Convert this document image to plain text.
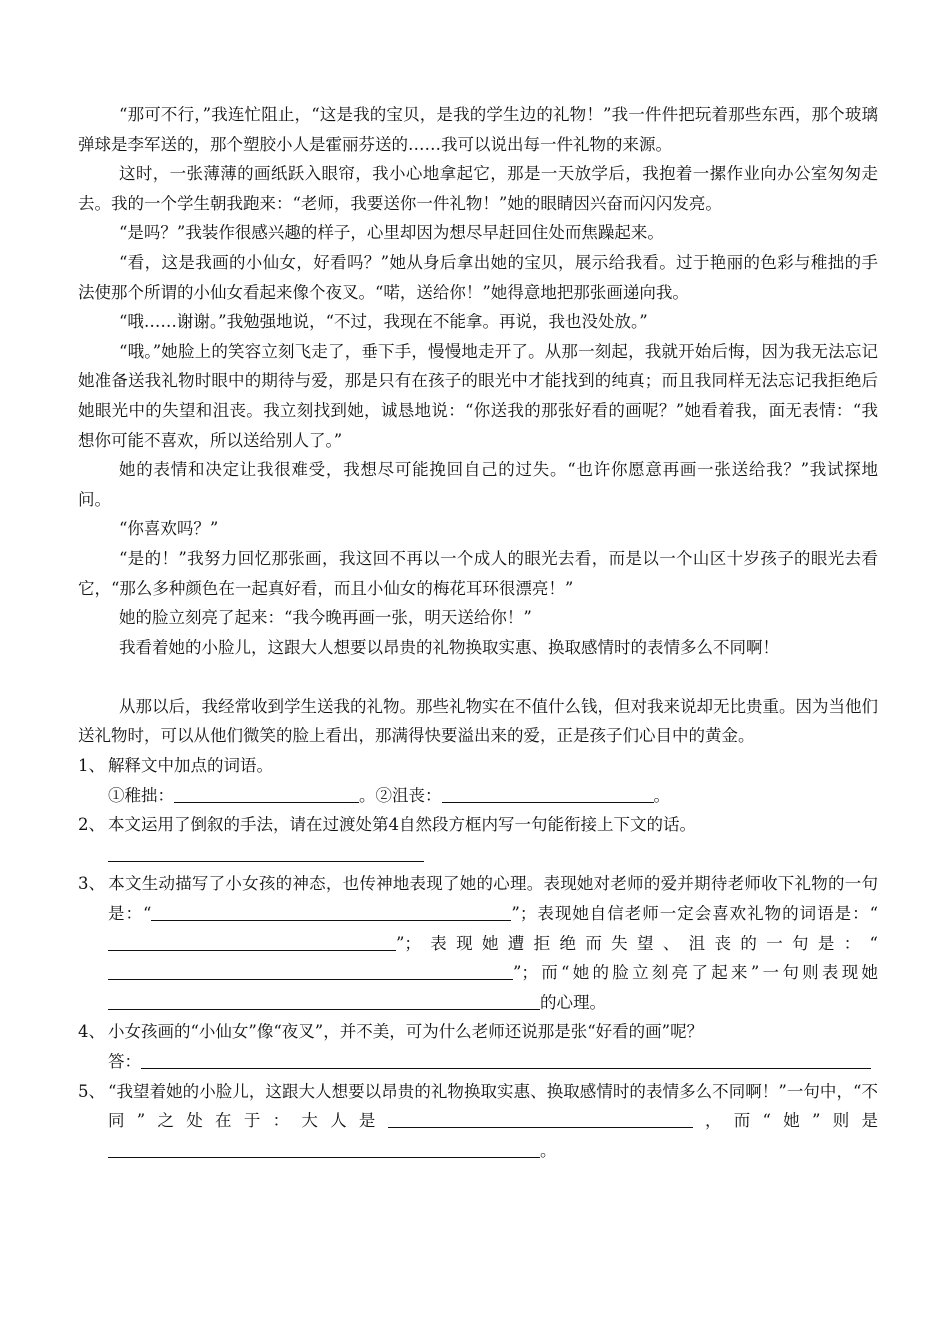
“那可不行，”我连忙阻止，“这是我的宝贝，是我的学生边的礼物！”我一件件把玩着那些东西，那个玻璃弹球是李军送的，那个塑胶小人是霍丽芬送的……我可以说出每一件礼物的来源。

这时，一张薄薄的画纸跃入眼帘，我小心地拿起它，那是一天放学后，我抱着一摞作业向办公室匆匆走去。我的一个学生朝我跑来：“老师，我要送你一件礼物！”她的眼睛因兴奋而闪闪发亮。

“是吗？”我装作很感兴趣的样子，心里却因为想尽早赶回住处而焦躁起来。

“看，这是我画的小仙女，好看吗？”她从身后拿出她的宝贝，展示给我看。过于艳丽的色彩与稚拙的手法使那个所谓的小仙女看起来像个夜叉。“喏，送给你！”她得意地把那张画递向我。

“哦……谢谢。”我勉强地说，“不过，我现在不能拿。再说，我也没处放。”

“哦。”她脸上的笑容立刻飞走了，垂下手，慢慢地走开了。从那一刻起，我就开始后悔，因为我无法忘记她准备送我礼物时眼中的期待与爱，那是只有在孩子的眼光中才能找到的纯真；而且我同样无法忘记我拒绝后她眼光中的失望和沮丧。我立刻找到她，诚恳地说：“你送我的那张好看的画呢？”她看着我，面无表情：“我想你可能不喜欢，所以送给别人了。”

她的表情和决定让我很难受，我想尽可能挽回自己的过失。“也许你愿意再画一张送给我？”我试探地问。

“你喜欢吗？”

“是的！”我努力回忆那张画，我这回不再以一个成人的眼光去看，而是以一个山区十岁孩子的眼光去看它，“那么多种颜色在一起真好看，而且小仙女的梅花耳环很漂亮！”

她的脸立刻亮了起来：“我今晚再画一张，明天送给你！”

我看着她的小脸儿，这跟大人想要以昂贵的礼物换取实惠、换取感情时的表情多么不同啊！

从那以后，我经常收到学生送我的礼物。那些礼物实在不值什么钱，但对我来说却无比贵重。因为当他们送礼物时，可以从他们微笑的脸上看出，那满得快要溢出来的爱，正是孩子们心目中的黄金。

1、 解释文中加点的词语。

①稚拙：	。②沮丧：	。

2、 本文运用了倒叙的手法，请在过渡处第4自然段方框内写一句能衔接上下文的话。

3、 本文生动描写了小女孩的神态，也传神地表现了她的心理。表现她对老师的爱并期待老师收下礼物的一句是：“	”；表现她自信老师一定会喜欢礼物的词语是：“”；表现她遭拒绝而失望、沮丧的一句是：“”；而“她的脸立刻亮了起来”一句则表现她的心理。

4、 小女孩画的“小仙女”像“夜叉”，并不美，可为什么老师还说那是张“好看的画”呢？

答：

5、 “我望着她的小脸儿，这跟大人想要以昂贵的礼物换取实惠、换取感情时的表情多么不同啊！”一句中，“不同”之处在于：大人是	，而“她”则是。
